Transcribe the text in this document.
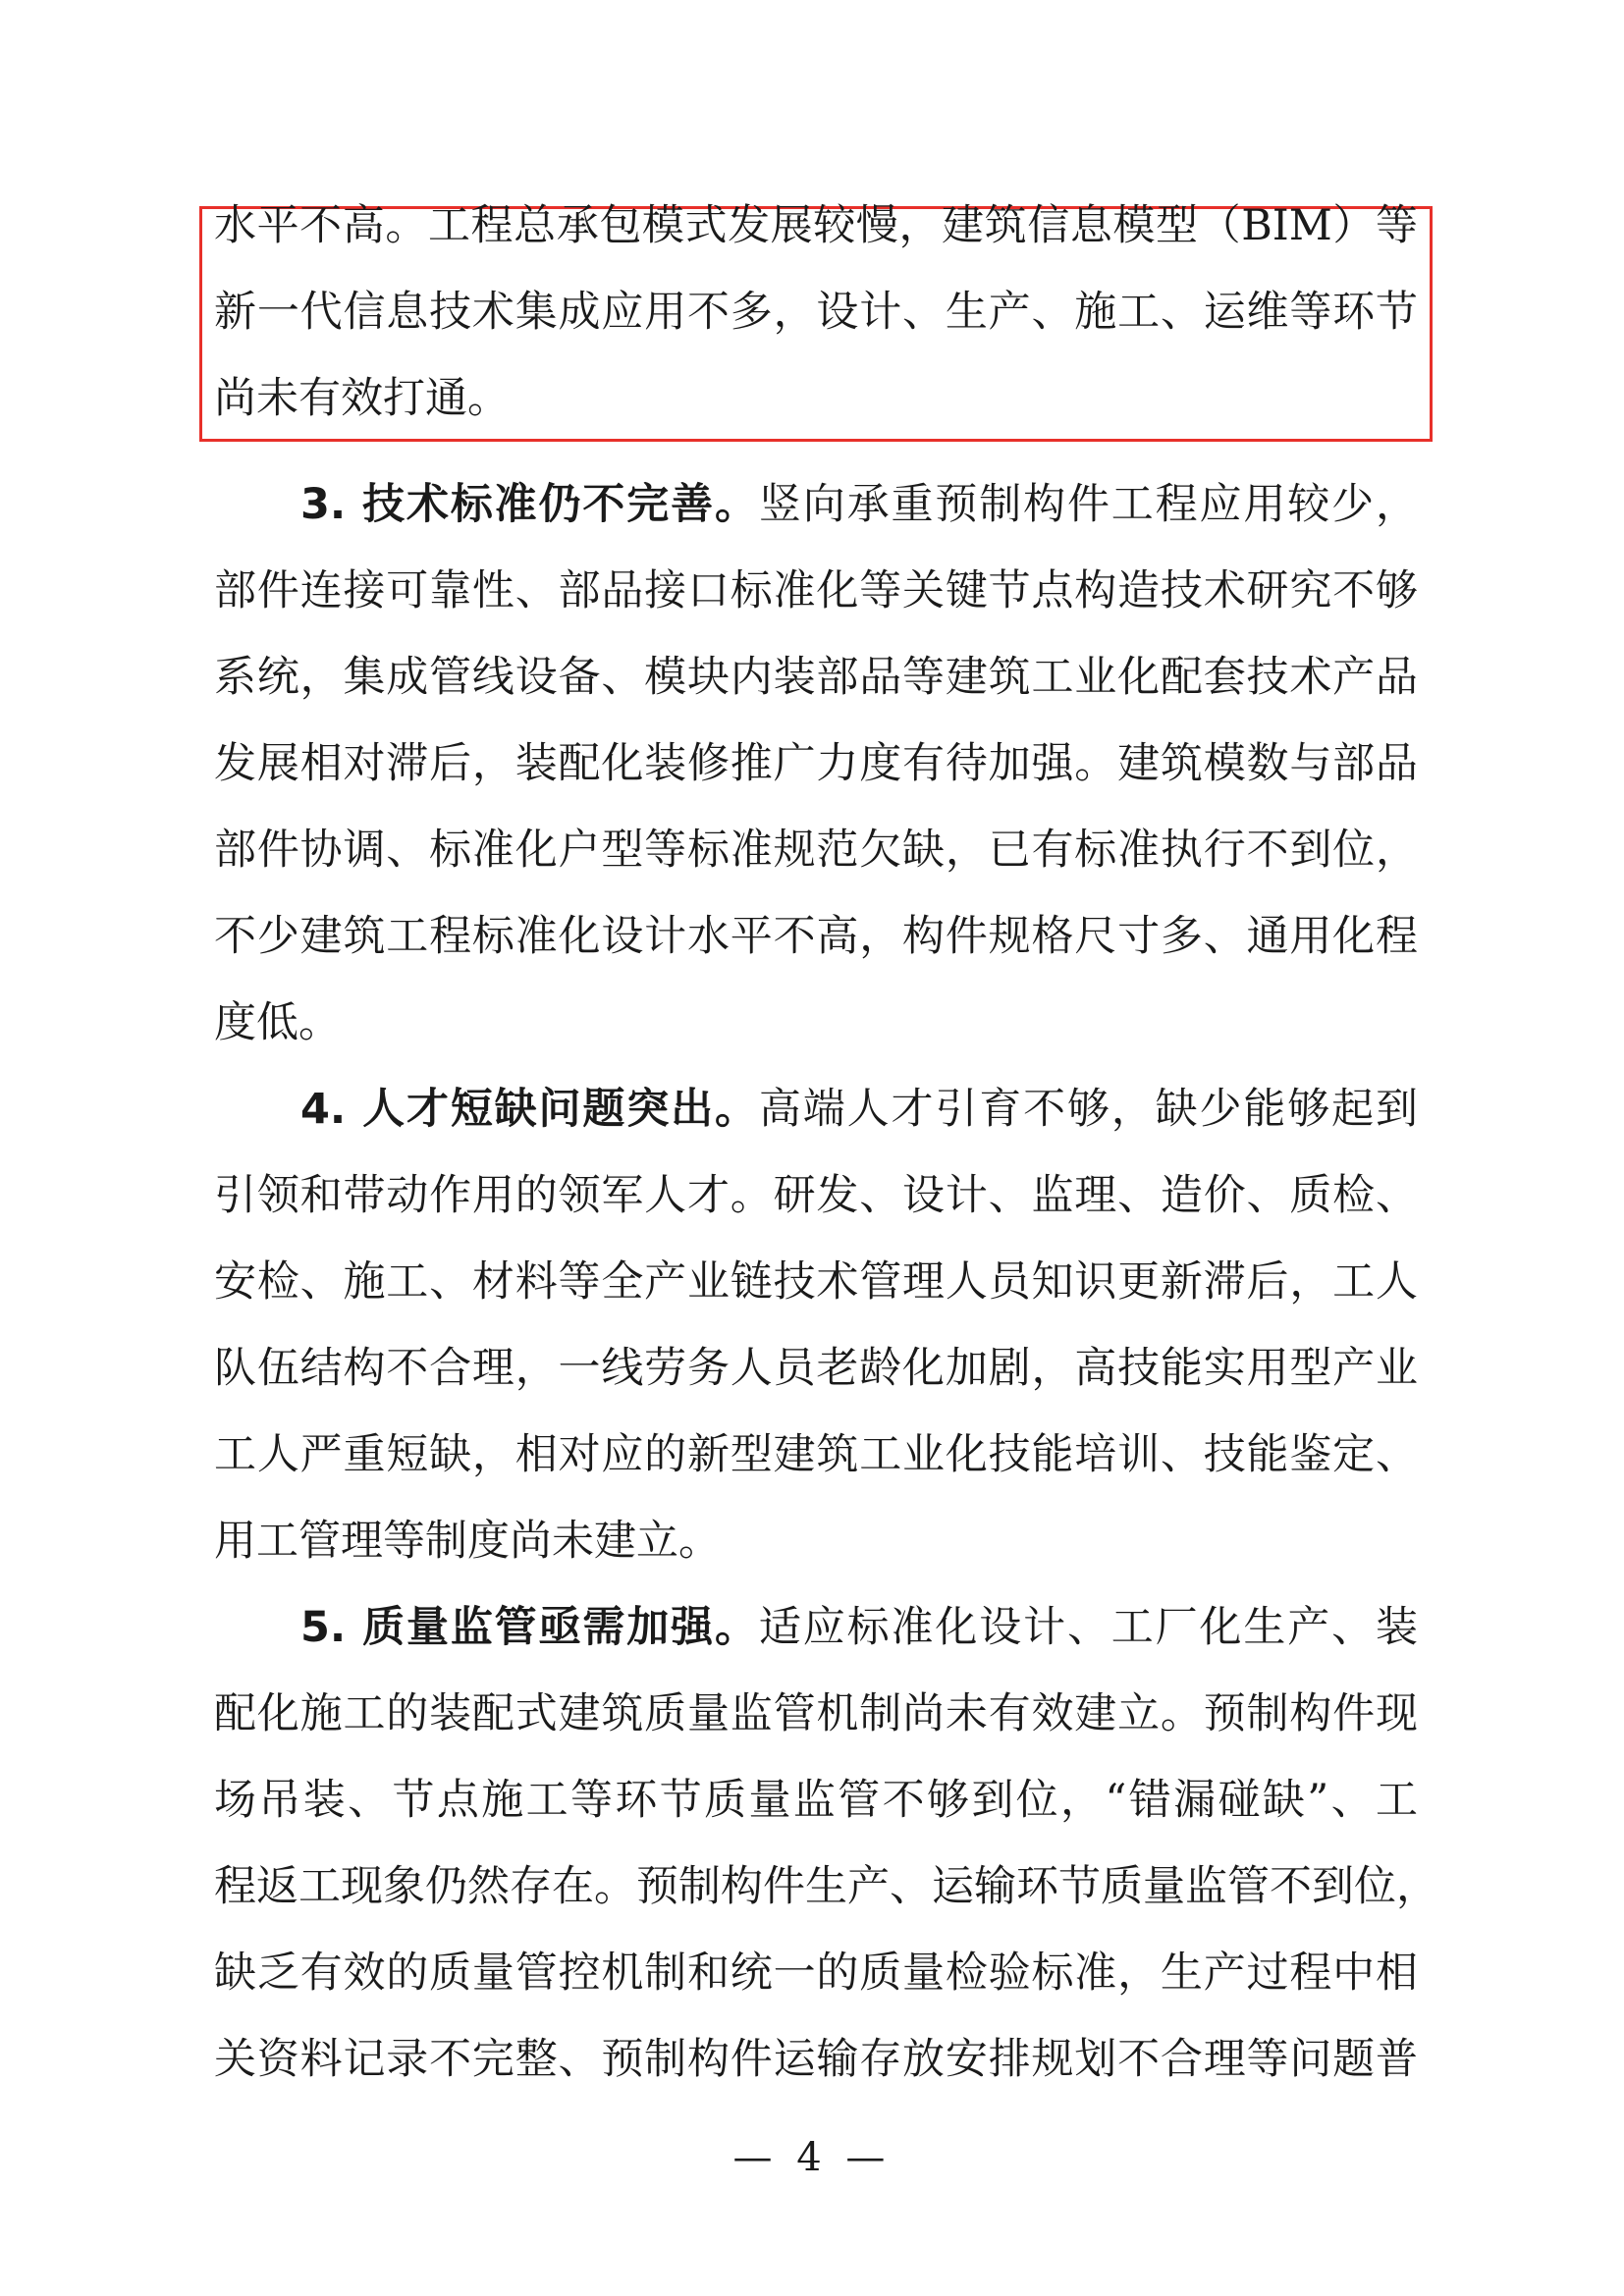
水平不高。工程总承包模式发展较慢，建筑信息模型（BIM）等
新一代信息技术集成应用不多，设计、生产、施工、运维等环节
尚未有效打通。
3. 技术标准仍不完善。竖向承重预制构件工程应用较少，
部件连接可靠性、部品接口标准化等关键节点构造技术研究不够
系统，集成管线设备、模块内装部品等建筑工业化配套技术产品
发展相对滞后，装配化装修推广力度有待加强。建筑模数与部品
部件协调、标准化户型等标准规范欠缺，已有标准执行不到位，
不少建筑工程标准化设计水平不高，构件规格尺寸多、通用化程
度低。
4. 人才短缺问题突出。高端人才引育不够，缺少能够起到
引领和带动作用的领军人才。研发、设计、监理、造价、质检、
安检、施工、材料等全产业链技术管理人员知识更新滞后，工人
队伍结构不合理，一线劳务人员老龄化加剧，高技能实用型产业
工人严重短缺，相对应的新型建筑工业化技能培训、技能鉴定、
用工管理等制度尚未建立。
5. 质量监管亟需加强。适应标准化设计、工厂化生产、装
配化施工的装配式建筑质量监管机制尚未有效建立。预制构件现
场吊装、节点施工等环节质量监管不够到位，“错漏碰缺”、工
程返工现象仍然存在。预制构件生产、运输环节质量监管不到位，
缺乏有效的质量管控机制和统一的质量检验标准，生产过程中相
关资料记录不完整、预制构件运输存放安排规划不合理等问题普
— 4 —
